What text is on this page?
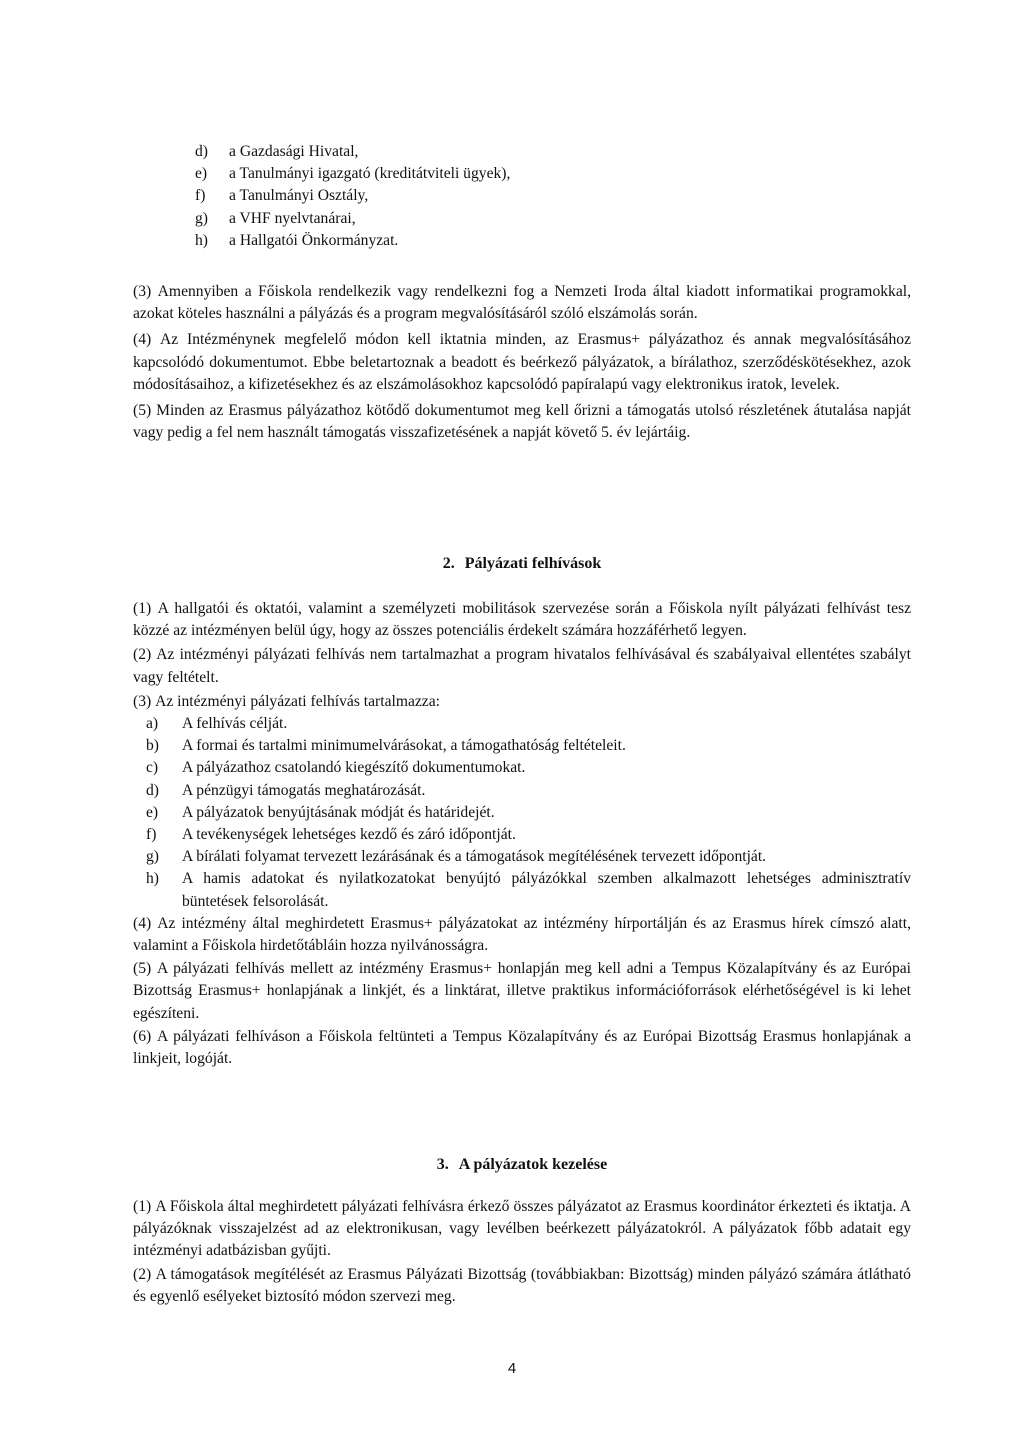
d) a Gazdasági Hivatal,
e) a Tanulmányi igazgató (kreditátviteli ügyek),
f) a Tanulmányi Osztály,
g) a VHF nyelvtanárai,
h) a Hallgatói Önkormányzat.
(3) Amennyiben a Főiskola rendelkezik vagy rendelkezni fog a Nemzeti Iroda által kiadott informatikai programokkal, azokat köteles használni a pályázás és a program megvalósításáról szóló elszámolás során.
(4) Az Intézménynek megfelelő módon kell iktatnia minden, az Erasmus+ pályázathoz és annak megvalósításához kapcsolódó dokumentumot. Ebbe beletartoznak a beadott és beérkező pályázatok, a bírálathoz, szerződéskötésekhez, azok módosításaihoz, a kifizetésekhez és az elszámolásokhoz kapcsolódó papíralapú vagy elektronikus iratok, levelek.
(5) Minden az Erasmus pályázathoz kötődő dokumentumot meg kell őrizni a támogatás utolsó részletének átutalása napját vagy pedig a fel nem használt támogatás visszafizetésének a napját követő 5. év lejártáig.
2. Pályázati felhívások
(1) A hallgatói és oktatói, valamint a személyzeti mobilitások szervezése során a Főiskola nyílt pályázati felhívást tesz közzé az intézményen belül úgy, hogy az összes potenciális érdekelt számára hozzáférhető legyen.
(2) Az intézményi pályázati felhívás nem tartalmazhat a program hivatalos felhívásával és szabályaival ellentétes szabályt vagy feltételt.
(3) Az intézményi pályázati felhívás tartalmazza:
a) A felhívás célját.
b) A formai és tartalmi minimumelvárásokat, a támogathatóság feltételeit.
c) A pályázathoz csatolandó kiegészítő dokumentumokat.
d) A pénzügyi támogatás meghatározását.
e) A pályázatok benyújtásának módját és határidejét.
f) A tevékenységek lehetséges kezdő és záró időpontját.
g) A bírálati folyamat tervezett lezárásának és a támogatások megítélésének tervezett időpontját.
h) A hamis adatokat és nyilatkozatokat benyújtó pályázókkal szemben alkalmazott lehetséges adminisztratív büntetések felsorolását.
(4) Az intézmény által meghirdetett Erasmus+ pályázatokat az intézmény hírportálján és az Erasmus hírek címszó alatt, valamint a Főiskola hirdetőtábláin hozza nyilvánosságra.
(5) A pályázati felhívás mellett az intézmény Erasmus+ honlapján meg kell adni a Tempus Közalapítvány és az Európai Bizottság Erasmus+ honlapjának a linkjét, és a linktárat, illetve praktikus információforrások elérhetőségével is ki lehet egészíteni.
(6) A pályázati felhíváson a Főiskola feltünteti a Tempus Közalapítvány és az Európai Bizottság Erasmus honlapjának a linkjeit, logóját.
3. A pályázatok kezelése
(1) A Főiskola által meghirdetett pályázati felhívásra érkező összes pályázatot az Erasmus koordinátor érkezteti és iktatja. A pályázóknak visszajelzést ad az elektronikusan, vagy levélben beérkezett pályázatokról. A pályázatok főbb adatait egy intézményi adatbázisban gyűjti.
(2) A támogatások megítélését az Erasmus Pályázati Bizottság (továbbiakban: Bizottság) minden pályázó számára átlátható és egyenlő esélyeket biztosító módon szervezi meg.
4
